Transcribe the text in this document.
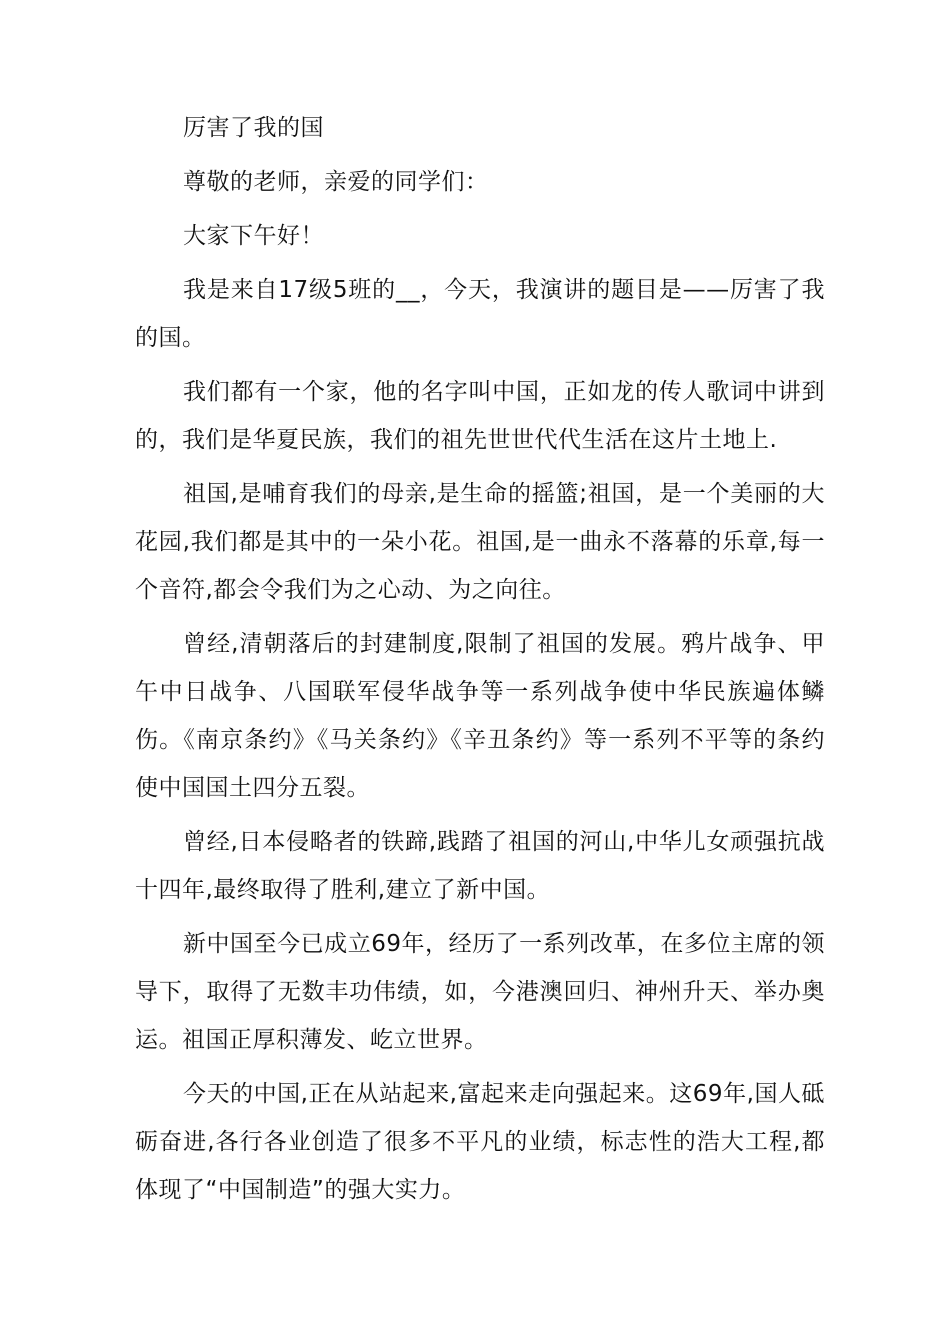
厉害了我的国

尊敬的老师，亲爱的同学们：

大家下午好！

我是来自17级5班的__，今天，我演讲的题目是——厉害了我的国。

我们都有一个家，他的名字叫中国，正如龙的传人歌词中讲到的，我们是华夏民族，我们的祖先世世代代生活在这片土地上.

祖国,是哺育我们的母亲,是生命的摇篮;祖国，是一个美丽的大花园,我们都是其中的一朵小花。祖国,是一曲永不落幕的乐章,每一个音符,都会令我们为之心动、为之向往。

曾经,清朝落后的封建制度,限制了祖国的发展。鸦片战争、甲午中日战争、八国联军侵华战争等一系列战争使中华民族遍体鳞伤。《南京条约》《马关条约》《辛丑条约》等一系列不平等的条约使中国国土四分五裂。

曾经,日本侵略者的铁蹄,践踏了祖国的河山,中华儿女顽强抗战十四年,最终取得了胜利,建立了新中国。

新中国至今已成立69年，经历了一系列改革，在多位主席的领导下，取得了无数丰功伟绩，如，今港澳回归、神州升天、举办奥运。祖国正厚积薄发、屹立世界。

今天的中国,正在从站起来,富起来走向强起来。这69年,国人砥砺奋进,各行各业创造了很多不平凡的业绩，标志性的浩大工程,都体现了“中国制造”的强大实力。
